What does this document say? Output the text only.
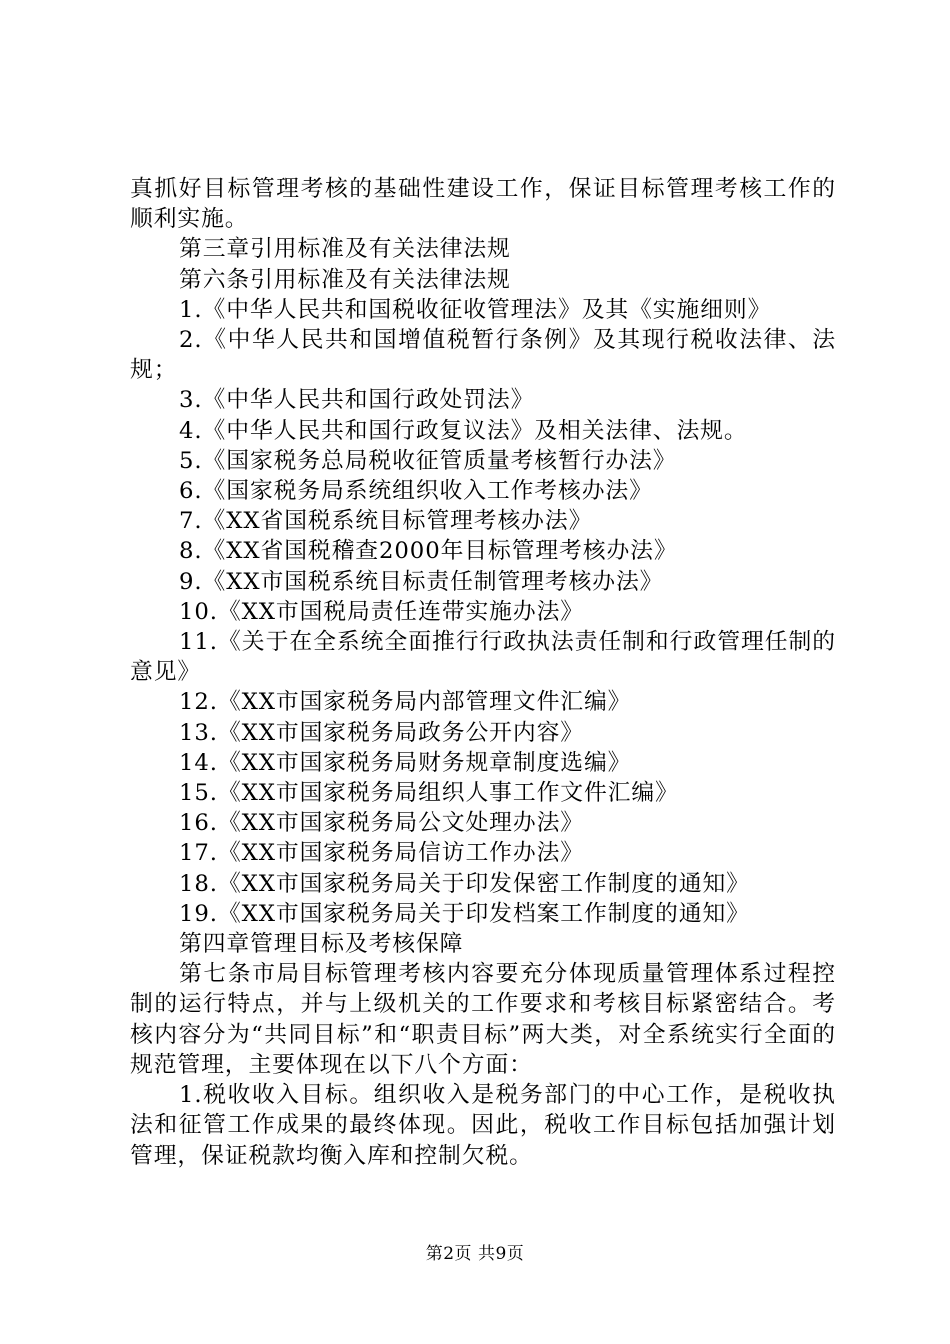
真抓好目标管理考核的基础性建设工作，保证目标管理考核工作的顺利实施。

第三章引用标准及有关法律法规

第六条引用标准及有关法律法规

1.《中华人民共和国税收征收管理法》及其《实施细则》

2.《中华人民共和国增值税暂行条例》及其现行税收法律、法规；

3.《中华人民共和国行政处罚法》

4.《中华人民共和国行政复议法》及相关法律、法规。

5.《国家税务总局税收征管质量考核暂行办法》

6.《国家税务局系统组织收入工作考核办法》

7.《XX省国税系统目标管理考核办法》

8.《XX省国税稽查2000年目标管理考核办法》

9.《XX市国税系统目标责任制管理考核办法》

10.《XX市国税局责任连带实施办法》

11.《关于在全系统全面推行行政执法责任制和行政管理任制的意见》

12.《XX市国家税务局内部管理文件汇编》

13.《XX市国家税务局政务公开内容》

14.《XX市国家税务局财务规章制度选编》

15.《XX市国家税务局组织人事工作文件汇编》

16.《XX市国家税务局公文处理办法》

17.《XX市国家税务局信访工作办法》

18.《XX市国家税务局关于印发保密工作制度的通知》

19.《XX市国家税务局关于印发档案工作制度的通知》

第四章管理目标及考核保障

第七条市局目标管理考核内容要充分体现质量管理体系过程控制的运行特点，并与上级机关的工作要求和考核目标紧密结合。考核内容分为“共同目标”和“职责目标”两大类，对全系统实行全面的规范管理，主要体现在以下八个方面：

1.税收收入目标。组织收入是税务部门的中心工作，是税收执法和征管工作成果的最终体现。因此，税收工作目标包括加强计划管理，保证税款均衡入库和控制欠税。

第2页 共9页
